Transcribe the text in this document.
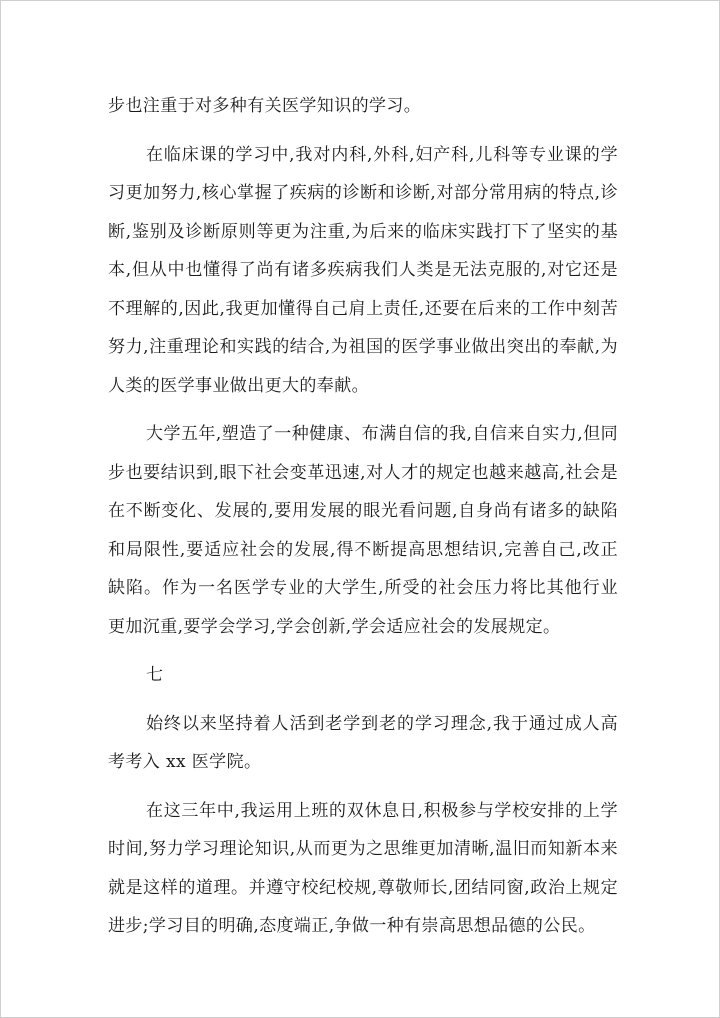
步也注重于对多种有关医学知识的学习。

在临床课的学习中,我对内科,外科,妇产科,儿科等专业课的学习更加努力,核心掌握了疾病的诊断和诊断,对部分常用病的特点,诊断,鉴别及诊断原则等更为注重,为后来的临床实践打下了坚实的基本,但从中也懂得了尚有诸多疾病我们人类是无法克服的,对它还是不理解的,因此,我更加懂得自己肩上责任,还要在后来的工作中刻苦努力,注重理论和实践的结合,为祖国的医学事业做出突出的奉献,为人类的医学事业做出更大的奉献。

大学五年,塑造了一种健康、布满自信的我,自信来自实力,但同步也要结识到,眼下社会变革迅速,对人才的规定也越来越高,社会是在不断变化、发展的,要用发展的眼光看问题,自身尚有诸多的缺陷和局限性,要适应社会的发展,得不断提高思想结识,完善自己,改正缺陷。作为一名医学专业的大学生,所受的社会压力将比其他行业更加沉重,要学会学习,学会创新,学会适应社会的发展规定。

七

始终以来坚持着人活到老学到老的学习理念,我于通过成人高考考入 xx 医学院。

在这三年中,我运用上班的双休息日,积极参与学校安排的上学时间,努力学习理论知识,从而更为之思维更加清晰,温旧而知新本来就是这样的道理。并遵守校纪校规,尊敬师长,团结同窗,政治上规定进步;学习目的明确,态度端正,争做一种有崇高思想品德的公民。
